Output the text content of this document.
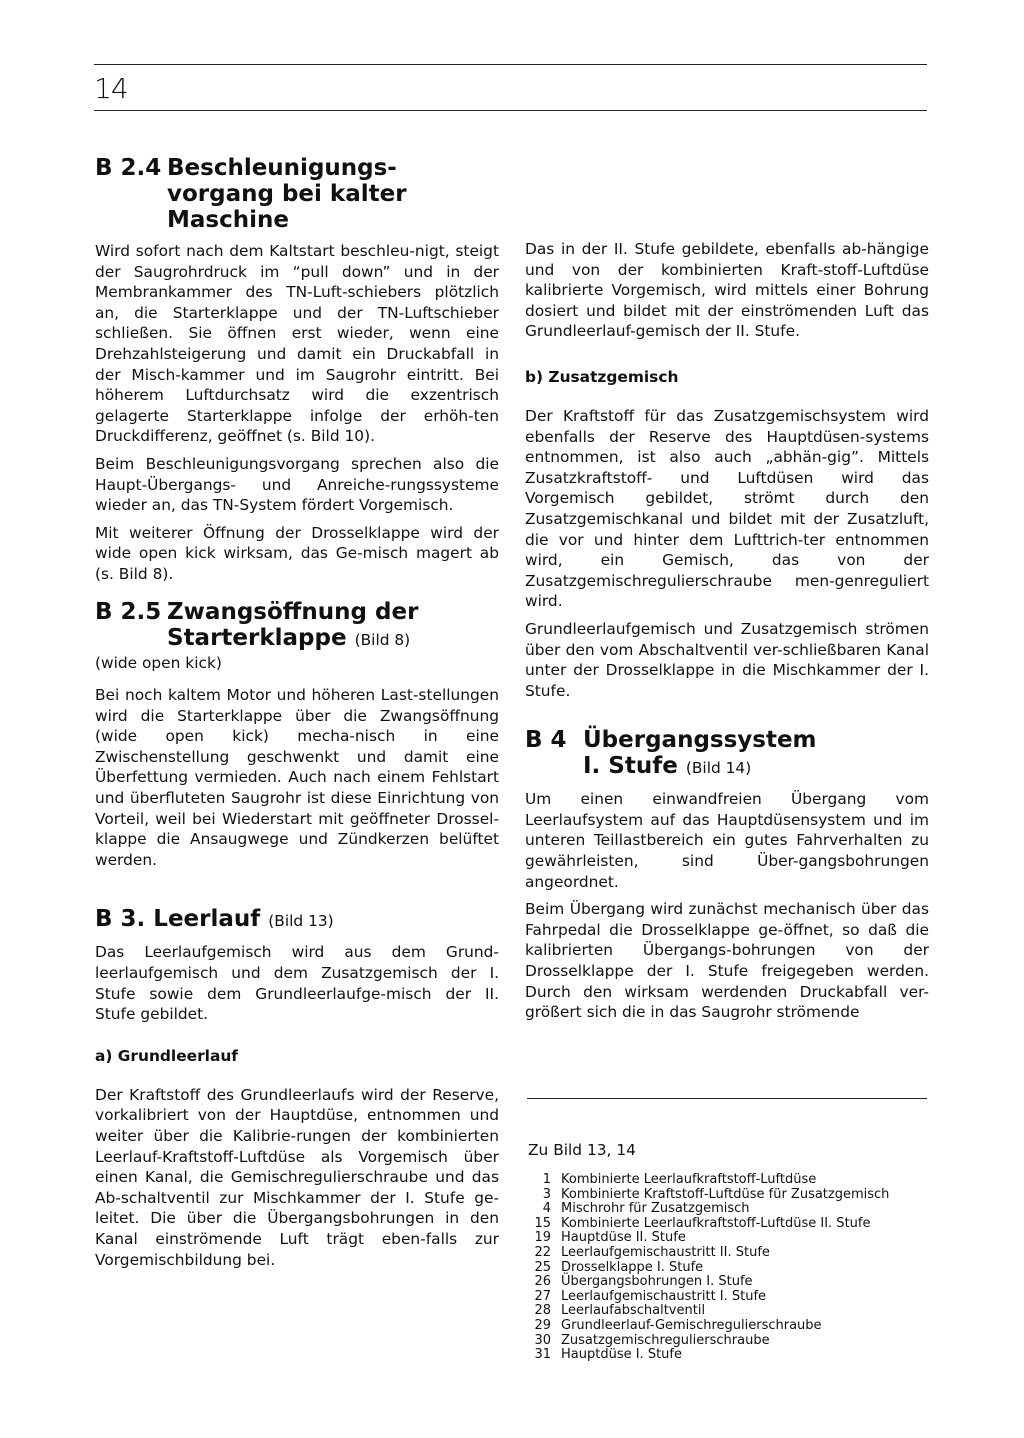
14
B 2.4 Beschleunigungs-
vorgang bei kalter
Maschine

Wird sofort nach dem Kaltstart beschleu-nigt, steigt der Saugrohrdruck im “pull down” und in der Membrankammer des TN-Luft-schiebers plötzlich an, die Starterklappe und der TN-Luftschieber schließen. Sie öffnen erst wieder, wenn eine Drehzahlsteigerung und damit ein Druckabfall in der Misch-kammer und im Saugrohr eintritt. Bei höherem Luftdurchsatz wird die exzentrisch gelagerte Starterklappe infolge der erhöh-ten Druckdifferenz, geöffnet (s. Bild 10).

Beim Beschleunigungsvorgang sprechen also die Haupt-Übergangs- und Anreiche-rungssysteme wieder an, das TN-System fördert Vorgemisch.

Mit weiterer Öffnung der Drosselklappe wird der wide open kick wirksam, das Ge-misch magert ab (s. Bild 8).

B 2.5 Zwangsöffnung der
Starterklappe (Bild 8)

(wide open kick)

Bei noch kaltem Motor und höheren Last-stellungen wird die Starterklappe über die Zwangsöffnung (wide open kick) mecha-nisch in eine Zwischenstellung geschwenkt und damit eine Überfettung vermieden. Auch nach einem Fehlstart und überfluteten Saugrohr ist diese Einrichtung von Vorteil, weil bei Wiederstart mit geöffneter Drossel-klappe die Ansaugwege und Zündkerzen belüftet werden.

B 3. Leerlauf (Bild 13)

Das Leerlaufgemisch wird aus dem Grund-leerlaufgemisch und dem Zusatzgemisch der I. Stufe sowie dem Grundleerlaufge-misch der II. Stufe gebildet.

a) Grundleerlauf

Der Kraftstoff des Grundleerlaufs wird der Reserve, vorkalibriert von der Hauptdüse, entnommen und weiter über die Kalibrie-rungen der kombinierten Leerlauf-Kraftstoff-Luftdüse als Vorgemisch über einen Kanal, die Gemischregulierschraube und das Ab-schaltventil zur Mischkammer der I. Stufe ge-leitet. Die über die Übergangsbohrungen in den Kanal einströmende Luft trägt eben-falls zur Vorgemischbildung bei.

Das in der II. Stufe gebildete, ebenfalls ab-hängige und von der kombinierten Kraft-stoff-Luftdüse kalibrierte Vorgemisch, wird mittels einer Bohrung dosiert und bildet mit der einströmenden Luft das Grundleerlauf-gemisch der II. Stufe.

b) Zusatzgemisch

Der Kraftstoff für das Zusatzgemischsystem wird ebenfalls der Reserve des Hauptdüsen-systems entnommen, ist also auch „abhän-gig”. Mittels Zusatzkraftstoff- und Luftdüsen wird das Vorgemisch gebildet, strömt durch den Zusatzgemischkanal und bildet mit der Zusatzluft, die vor und hinter dem Lufttrich-ter entnommen wird, ein Gemisch, das von der Zusatzgemischregulierschraube men-genreguliert wird.

Grundleerlaufgemisch und Zusatzgemisch strömen über den vom Abschaltventil ver-schließbaren Kanal unter der Drosselklappe in die Mischkammer der I. Stufe.

B 4 Übergangssystem
I. Stufe (Bild 14)

Um einen einwandfreien Übergang vom Leerlaufsystem auf das Hauptdüsensystem und im unteren Teillastbereich ein gutes Fahrverhalten zu gewährleisten, sind Über-gangsbohrungen angeordnet.

Beim Übergang wird zunächst mechanisch über das Fahrpedal die Drosselklappe ge-öffnet, so daß die kalibrierten Übergangs-bohrungen von der Drosselklappe der I. Stufe freigegeben werden. Durch den wirksam werdenden Druckabfall ver-größert sich die in das Saugrohr strömende

Zu Bild 13, 14
1 Kombinierte Leerlaufkraftstoff-Luftdüse
3 Kombinierte Kraftstoff-Luftdüse für Zusatzgemisch
4 Mischrohr für Zusatzgemisch
15 Kombinierte Leerlaufkraftstoff-Luftdüse II. Stufe
19 Hauptdüse II. Stufe
22 Leerlaufgemischaustritt II. Stufe
25 Drosselklappe I. Stufe
26 Übergangsbohrungen I. Stufe
27 Leerlaufgemischaustritt I. Stufe
28 Leerlaufabschaltventil
29 Grundleerlauf-Gemischregulierschraube
30 Zusatzgemischregulierschraube
31 Hauptdüse I. Stufe
